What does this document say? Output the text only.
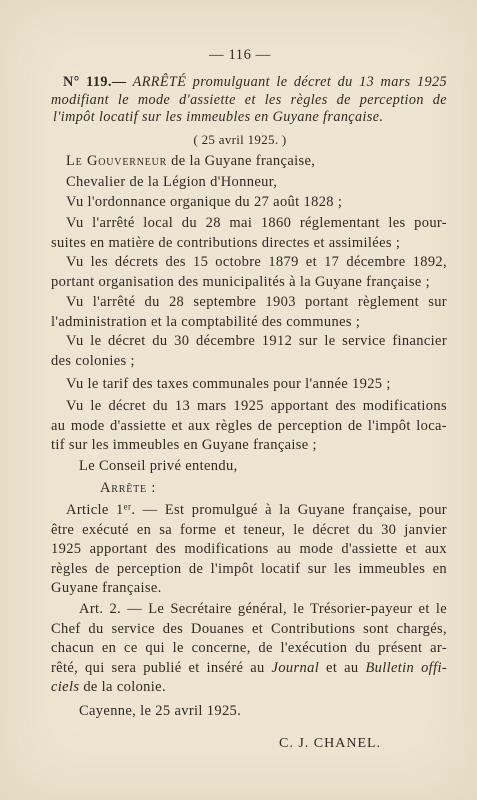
— 116 —
N° 119.— ARRÊTÉ promulguant le décret du 13 mars 1925
modifiant le mode d'assiette et les règles de perception de
l'impôt locatif sur les immeubles en Guyane française.
( 25 avril 1925. )
Le Gouverneur de la Guyane française,
Chevalier de la Légion d'Honneur,
Vu l'ordonnance organique du 27 août 1828 ;
Vu l'arrêté local du 28 mai 1860 réglementant les pour-
suites en matière de contributions directes et assimilées ;
Vu les décrets des 15 octobre 1879 et 17 décembre 1892,
portant organisation des municipalités à la Guyane française ;
Vu l'arrêté du 28 septembre 1903 portant règlement sur
l'administration et la comptabilité des communes ;
Vu le décret du 30 décembre 1912 sur le service financier
des colonies ;
Vu le tarif des taxes communales pour l'année 1925 ;
Vu le décret du 13 mars 1925 apportant des modifications
au mode d'assiette et aux règles de perception de l'impôt loca-
tif sur les immeubles en Guyane française ;
Le Conseil privé entendu,
Arrête :
Article 1er. — Est promulgué à la Guyane française, pour
être exécuté en sa forme et teneur, le décret du 30 janvier
1925 apportant des modifications au mode d'assiette et aux
règles de perception de l'impôt locatif sur les immeubles en
Guyane française.
Art. 2. — Le Secrétaire général, le Trésorier-payeur et le
Chef du service des Douanes et Contributions sont chargés,
chacun en ce qui le concerne, de l'exécution du présent ar-
rêté, qui sera publié et inséré au Journal et au Bulletin offi-
ciels de la colonie.
Cayenne, le 25 avril 1925.
C. J. CHANEL.
